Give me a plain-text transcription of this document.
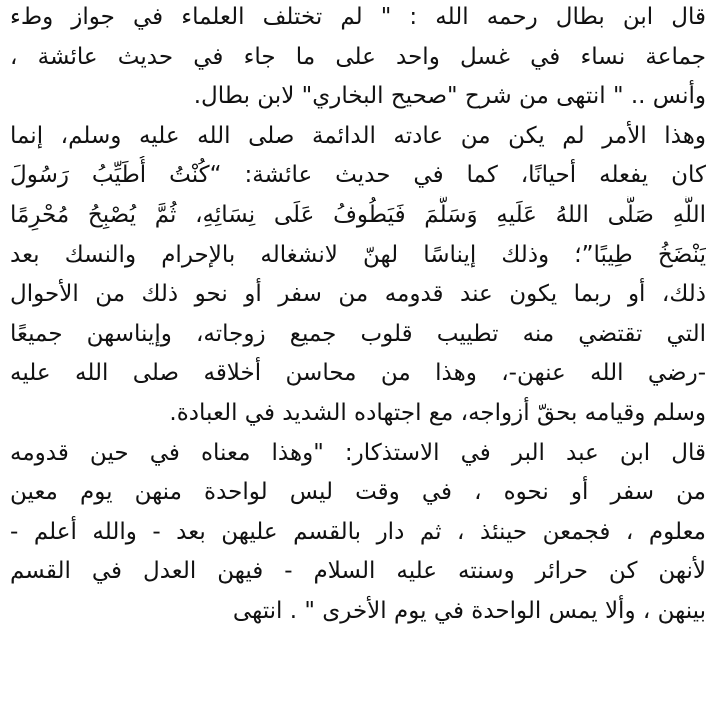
قال ابن بطال رحمه الله : " لم تختلف العلماء في جواز وطء
جماعة نساء في غسل واحد على ما جاء في حديث عائشة ،
وأنس .. " انتهى من شرح "صحيح البخاري" لابن بطال.
وهذا الأمر لم يكن من عادته الدائمة صلى الله عليه وسلم، إنما
كان يفعله أحيانًا، كما في حديث عائشة: “كُنْتُ أُطَيِّبُ رَسُولَ
اللَّهِ صَلَّى اللهُ عَلَيهِ وَسَلَّمَ فَيَطُوفُ عَلَى نِسَائِهِ، ثُمَّ يُصْبِحُ مُحْرِمًا
يَنْضَخُ طِيبًا”؛ وذلك إيناسًا لهنّ لانشغاله بالإحرام والنسك بعد
ذلك، أو ربما يكون عند قدومه من سفر أو نحو ذلك من الأحوال
التي تقتضي منه تطييب قلوب جميع زوجاته، وإيناسهن جميعًا
-رضي الله عنهن-، وهذا من محاسن أخلاقه صلى الله عليه
وسلم وقيامه بحقّ أزواجه، مع اجتهاده الشديد في العبادة.
قال ابن عبد البر في الاستذكار: "وهذا معناه في حين قدومه
من سفر أو نحوه ، في وقت ليس لواحدة منهن يوم معين
معلوم ، فجمعن حينئذ ، ثم دار بالقسم عليهن بعد - والله أعلم -
لأنهن كن حرائر وسنته عليه السلام - فيهن العدل في القسم
بينهن ، وألا يمس الواحدة في يوم الأخرى " . انتهى
